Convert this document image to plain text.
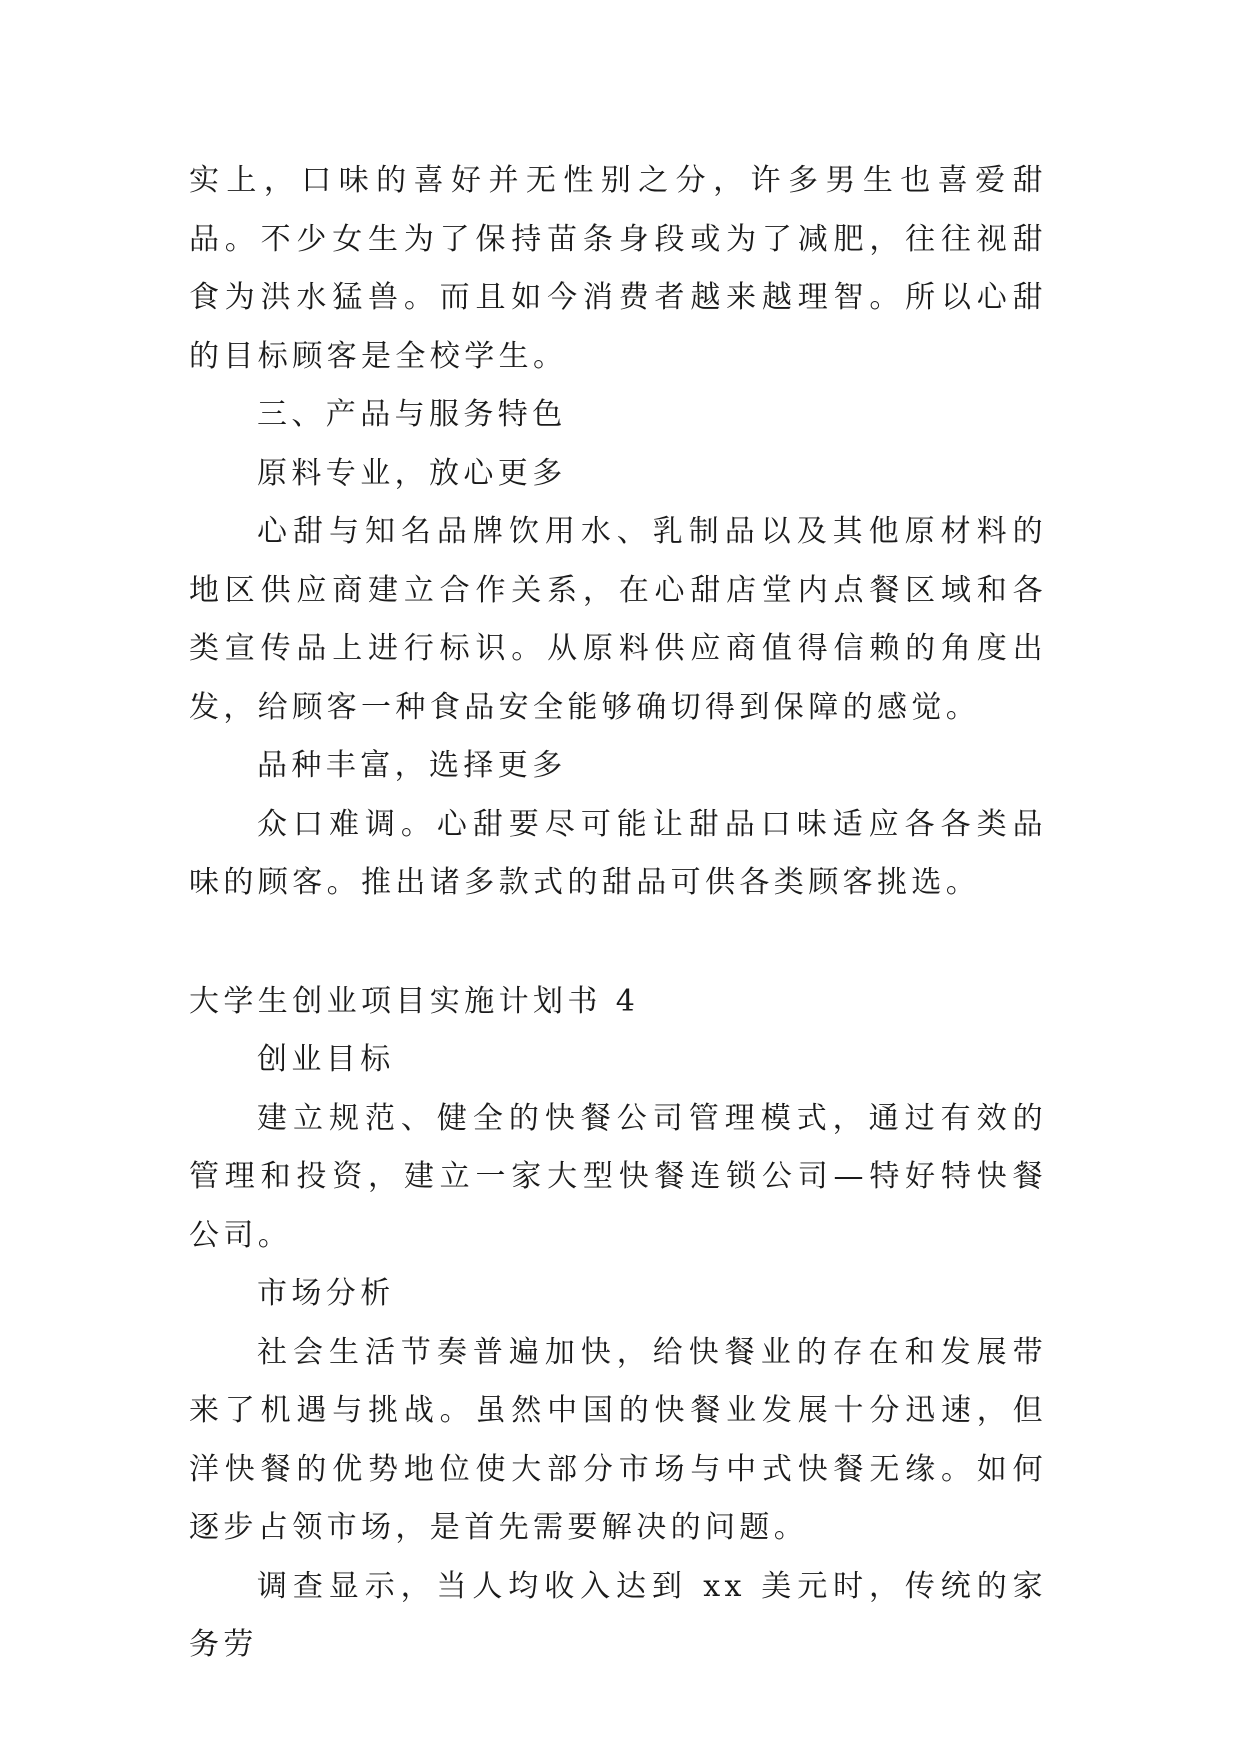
实上，口味的喜好并无性别之分，许多男生也喜爱甜品。不少女生为了保持苗条身段或为了减肥，往往视甜食为洪水猛兽。而且如今消费者越来越理智。所以心甜的目标顾客是全校学生。

三、产品与服务特色

原料专业，放心更多

心甜与知名品牌饮用水、乳制品以及其他原材料的地区供应商建立合作关系，在心甜店堂内点餐区域和各类宣传品上进行标识。从原料供应商值得信赖的角度出发，给顾客一种食品安全能够确切得到保障的感觉。

品种丰富，选择更多

众口难调。心甜要尽可能让甜品口味适应各各类品味的顾客。推出诸多款式的甜品可供各类顾客挑选。

大学生创业项目实施计划书 4

创业目标

建立规范、健全的快餐公司管理模式，通过有效的管理和投资，建立一家大型快餐连锁公司—特好特快餐公司。

市场分析

社会生活节奏普遍加快，给快餐业的存在和发展带来了机遇与挑战。虽然中国的快餐业发展十分迅速，但洋快餐的优势地位使大部分市场与中式快餐无缘。如何逐步占领市场，是首先需要解决的问题。

调查显示，当人均收入达到 xx 美元时，传统的家务劳
